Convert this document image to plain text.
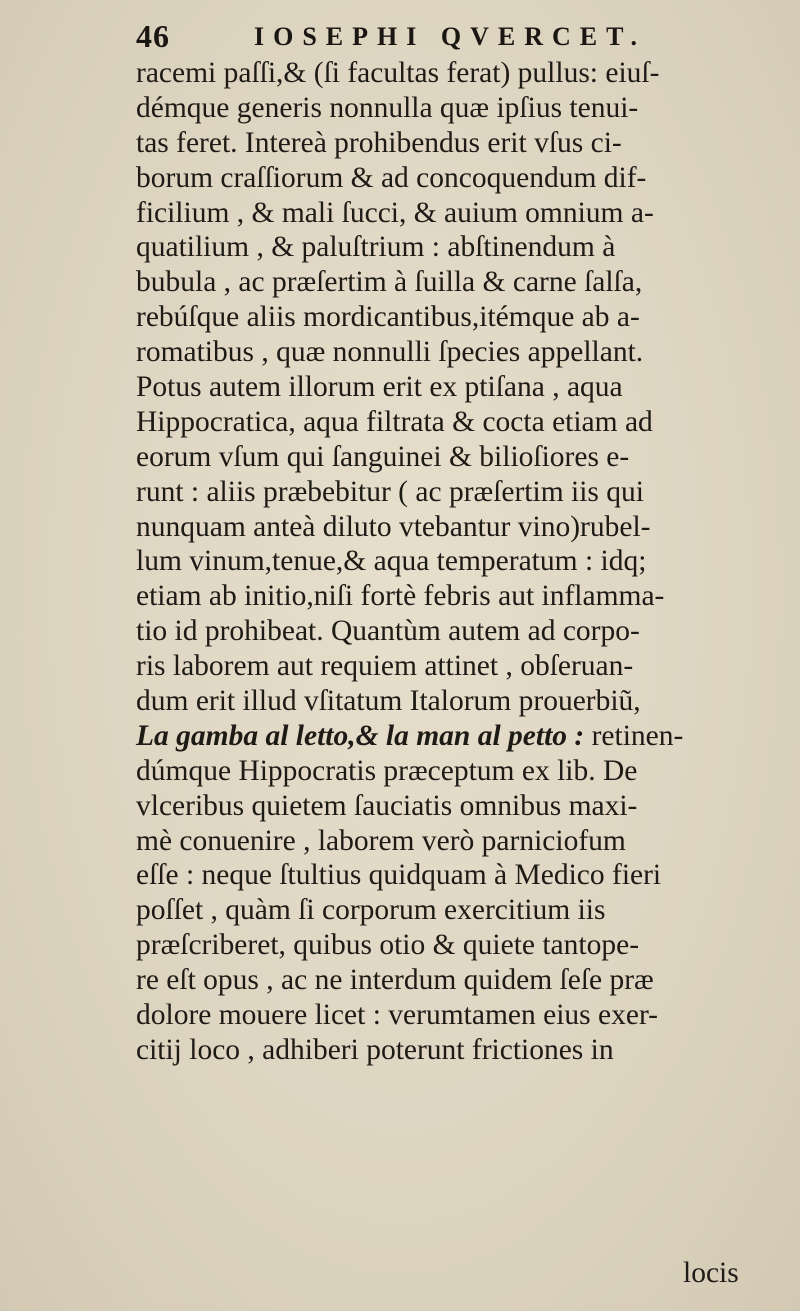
46	IOSEPHI QVERCET.
racemi paſſi,& (ſi facultas ferat) pullus: eiuſ-
démque generis nonnulla quæ ipſius tenui-
tas feret. Intereà prohibendus erit vſus ci-
borum craſſiorum & ad concoquendum dif-
ficilium , & mali ſucci, & auium omnium a-
quatilium , & paluſtrium : abſtinendum à
bubula , ac præſertim à ſuilla & carne ſalſa,
rebúſque aliis mordicantibus,itémque ab a-
romatibus , quæ nonnulli ſpecies appellant.
Potus autem illorum erit ex ptiſana , aqua
Hippocratica, aqua filtrata & cocta etiam ad
eorum vſum qui ſanguinei & bilioſiores e-
runt : aliis præbebitur ( ac præſertim iis qui
nunquam anteà diluto vtebantur vino)rubel-
lum vinum,tenue,& aqua temperatum : idq;
etiam ab initio,niſi fortè febris aut inflamma-
tio id prohibeat. Quantùm autem ad corpo-
ris laborem aut requiem attinet , obſeruan-
dum erit illud vſitatum Italorum prouerbiũ,
La gamba al letto,& la man al petto : retinen-
dúmque Hippocratis præceptum ex lib. De
vlceribus quietem ſauciatis omnibus maxi-
mè conuenire , laborem verò parniciofum
eſſe : neque ſtultius quidquam à Medico fieri
poſſet , quàm ſi corporum exercitium iis
præſcriberet, quibus otio & quiete tantope-
re eſt opus , ac ne interdum quidem ſeſe præ
dolore mouere licet : verumtamen eius exer-
citij loco , adhiberi poterunt frictiones in
locis
